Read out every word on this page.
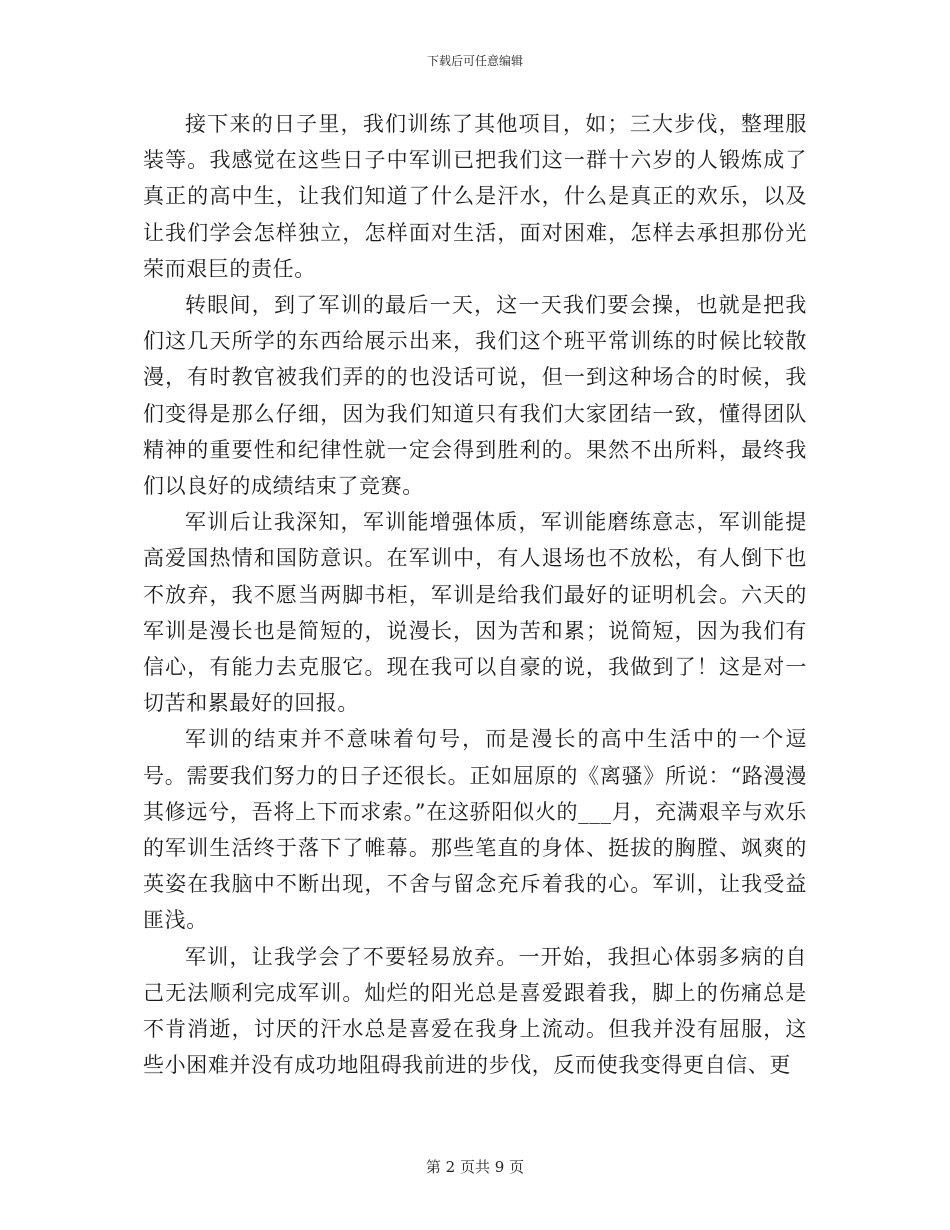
下载后可任意编辑

接下来的日子里，我们训练了其他项目，如；三大步伐，整理服装等。我感觉在这些日子中军训已把我们这一群十六岁的人锻炼成了真正的高中生，让我们知道了什么是汗水，什么是真正的欢乐，以及让我们学会怎样独立，怎样面对生活，面对困难，怎样去承担那份光荣而艰巨的责任。

转眼间，到了军训的最后一天，这一天我们要会操，也就是把我们这几天所学的东西给展示出来，我们这个班平常训练的时候比较散漫，有时教官被我们弄的的也没话可说，但一到这种场合的时候，我们变得是那么仔细，因为我们知道只有我们大家团结一致，懂得团队精神的重要性和纪律性就一定会得到胜利的。果然不出所料，最终我们以良好的成绩结束了竞赛。

军训后让我深知，军训能增强体质，军训能磨练意志，军训能提高爱国热情和国防意识。在军训中，有人退场也不放松，有人倒下也不放弃，我不愿当两脚书柜，军训是给我们最好的证明机会。六天的军训是漫长也是简短的，说漫长，因为苦和累；说简短，因为我们有信心，有能力去克服它。现在我可以自豪的说，我做到了！这是对一切苦和累最好的回报。

军训的结束并不意味着句号，而是漫长的高中生活中的一个逗号。需要我们努力的日子还很长。正如屈原的《离骚》所说：“路漫漫其修远兮，吾将上下而求索。”在这骄阳似火的___月，充满艰辛与欢乐的军训生活终于落下了帷幕。那些笔直的身体、挺拔的胸膛、飒爽的英姿在我脑中不断出现，不舍与留念充斥着我的心。军训，让我受益匪浅。

军训，让我学会了不要轻易放弃。一开始，我担心体弱多病的自己无法顺利完成军训。灿烂的阳光总是喜爱跟着我，脚上的伤痛总是不肯消逝，讨厌的汗水总是喜爱在我身上流动。但我并没有屈服，这些小困难并没有成功地阻碍我前进的步伐，反而使我变得更自信、更

第 2 页共 9 页
